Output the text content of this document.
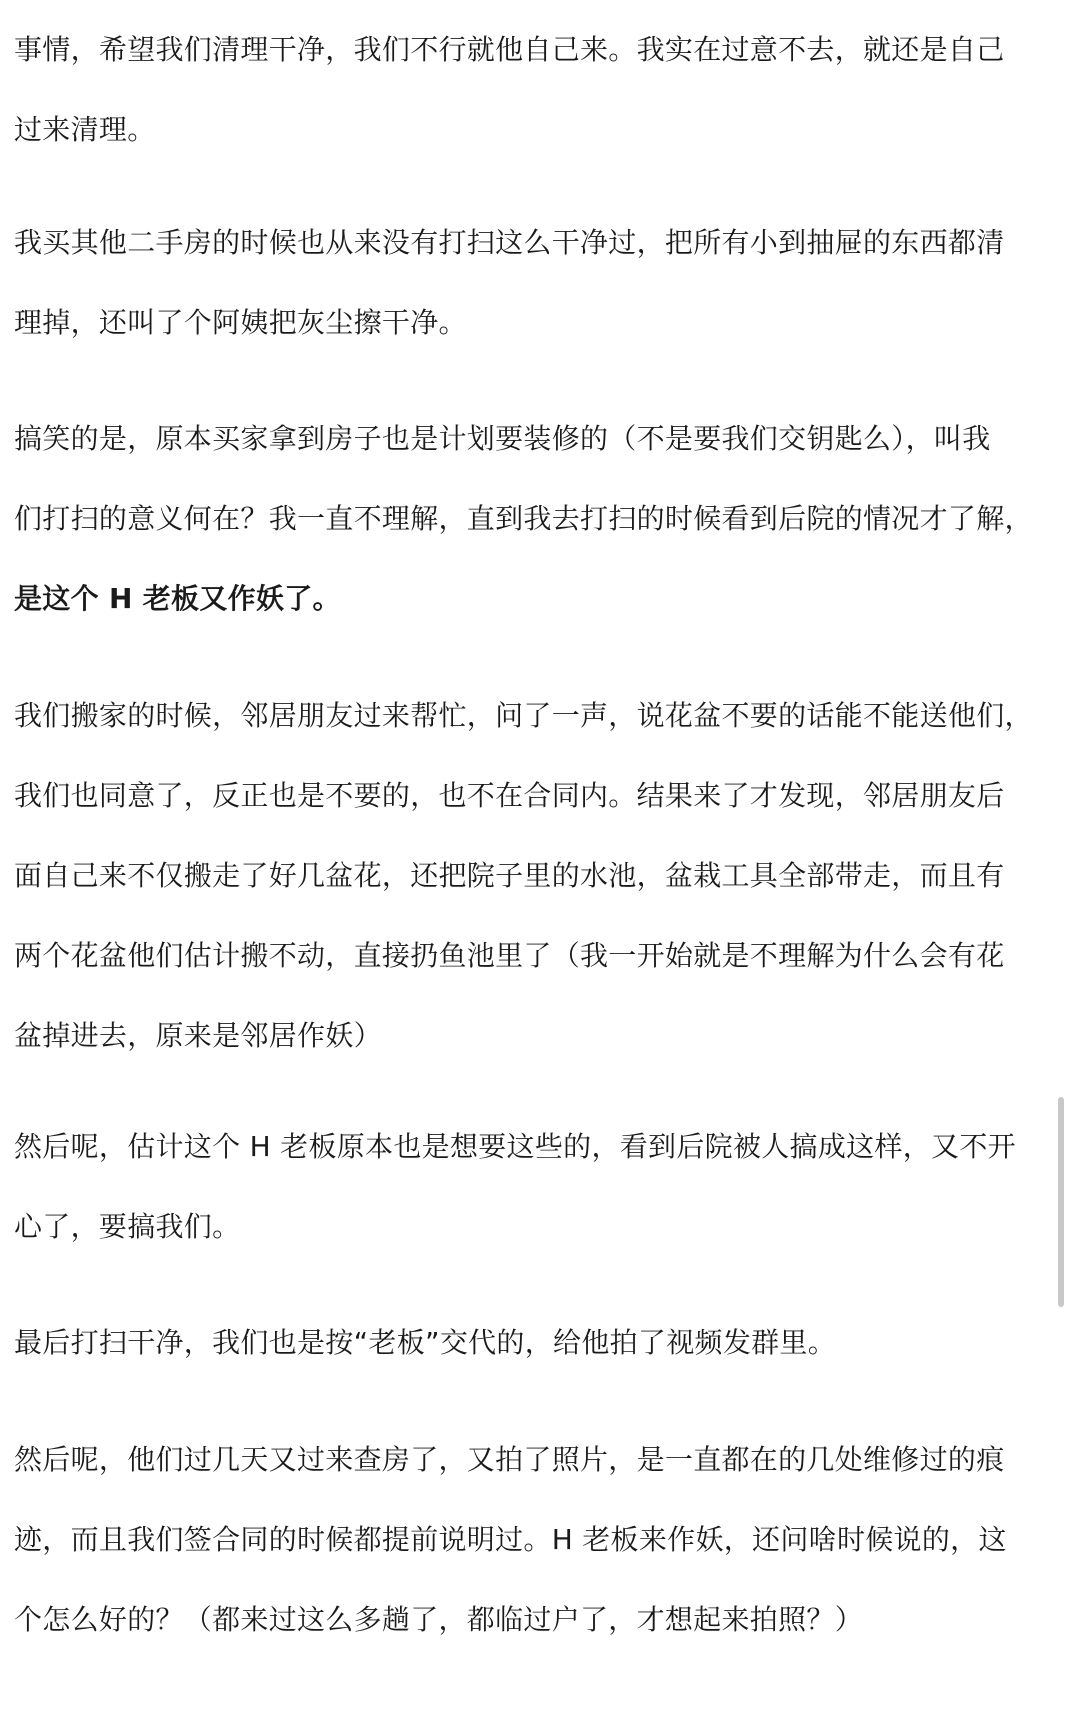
事情，希望我们清理干净，我们不行就他自己来。我实在过意不去，就还是自己
过来清理。
我买其他二手房的时候也从来没有打扫这么干净过，把所有小到抽屉的东西都清
理掉，还叫了个阿姨把灰尘擦干净。
搞笑的是，原本买家拿到房子也是计划要装修的（不是要我们交钥匙么），叫我
们打扫的意义何在？我一直不理解，直到我去打扫的时候看到后院的情况才了解，
是这个 H 老板又作妖了。
我们搬家的时候，邻居朋友过来帮忙，问了一声，说花盆不要的话能不能送他们，
我们也同意了，反正也是不要的，也不在合同内。结果来了才发现，邻居朋友后
面自己来不仅搬走了好几盆花，还把院子里的水池，盆栽工具全部带走，而且有
两个花盆他们估计搬不动，直接扔鱼池里了（我一开始就是不理解为什么会有花
盆掉进去，原来是邻居作妖）
然后呢，估计这个 H 老板原本也是想要这些的，看到后院被人搞成这样，又不开
心了，要搞我们。
最后打扫干净，我们也是按“老板”交代的，给他拍了视频发群里。
然后呢，他们过几天又过来查房了，又拍了照片，是一直都在的几处维修过的痕
迹，而且我们签合同的时候都提前说明过。H 老板来作妖，还问啥时候说的，这
个怎么好的？（都来过这么多趟了，都临过户了，才想起来拍照？）
